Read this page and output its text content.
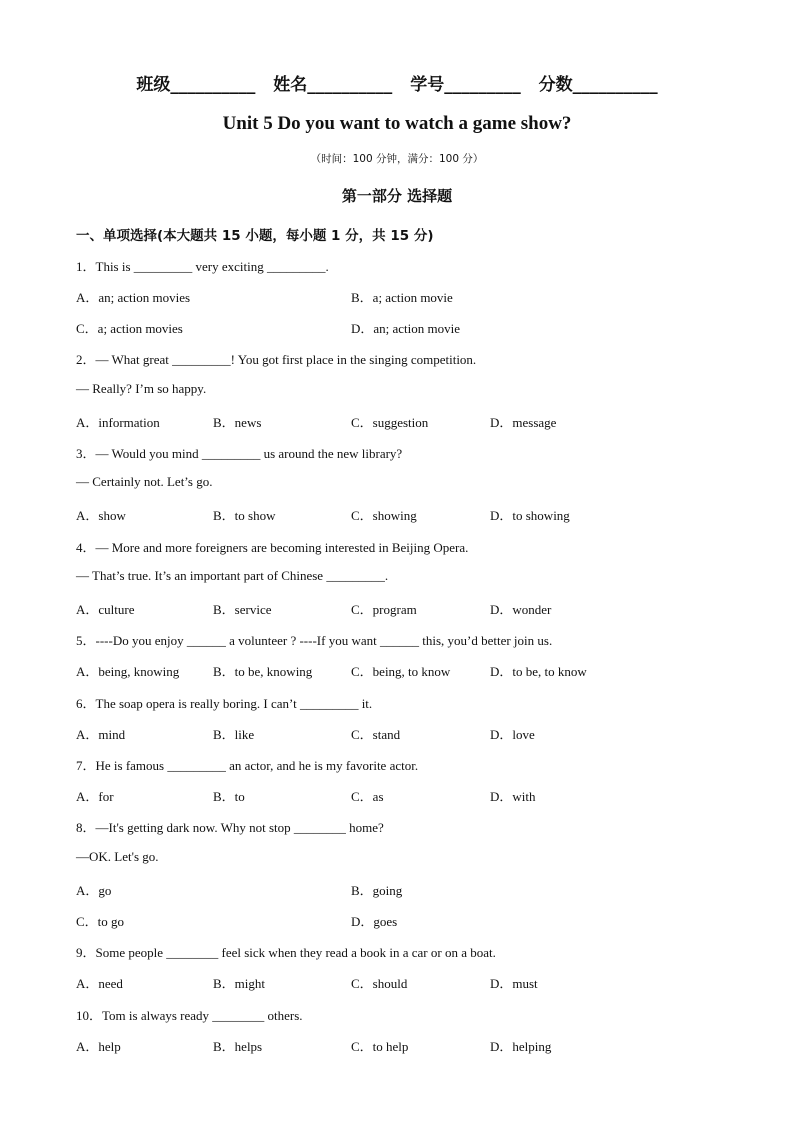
班级__________ 姓名__________ 学号_________ 分数__________
Unit 5 Do you want to watch a game show?
（时间：100 分钟，满分：100 分）
第一部分 选择题
一、单项选择(本大题共 15 小题，每小题 1 分，共 15 分)
1．This is _________ very exciting _________.
A．an; action movies	B．a; action movie
C．a; action movies	D．an; action movie
2．— What great _________! You got first place in the singing competition.
— Really? I’m so happy.
A．information	B．news	C．suggestion	D．message
3．— Would you mind _________ us around the new library?
— Certainly not. Let’s go.
A．show	B．to show	C．showing	D．to showing
4．— More and more foreigners are becoming interested in Beijing Opera.
— That’s true. It’s an important part of Chinese _________.
A．culture	B．service	C．program	D．wonder
5．----Do you enjoy ______ a volunteer ? ----If you want ______ this, you’d better join us.
A．being, knowing	B．to be, knowing	C．being, to know	D．to be, to know
6．The soap opera is really boring. I can’t _________ it.
A．mind	B．like	C．stand	D．love
7．He is famous _________ an actor, and he is my favorite actor.
A．for	B．to	C．as	D．with
8．—It's getting dark now. Why not stop ________ home?
—OK. Let's go.
A．go	B．going
C．to go	D．goes
9．Some people ________ feel sick when they read a book in a car or on a boat.
A．need	B．might	C．should	D．must
10．Tom is always ready ________ others.
A．help	B．helps	C．to help	D．helping
